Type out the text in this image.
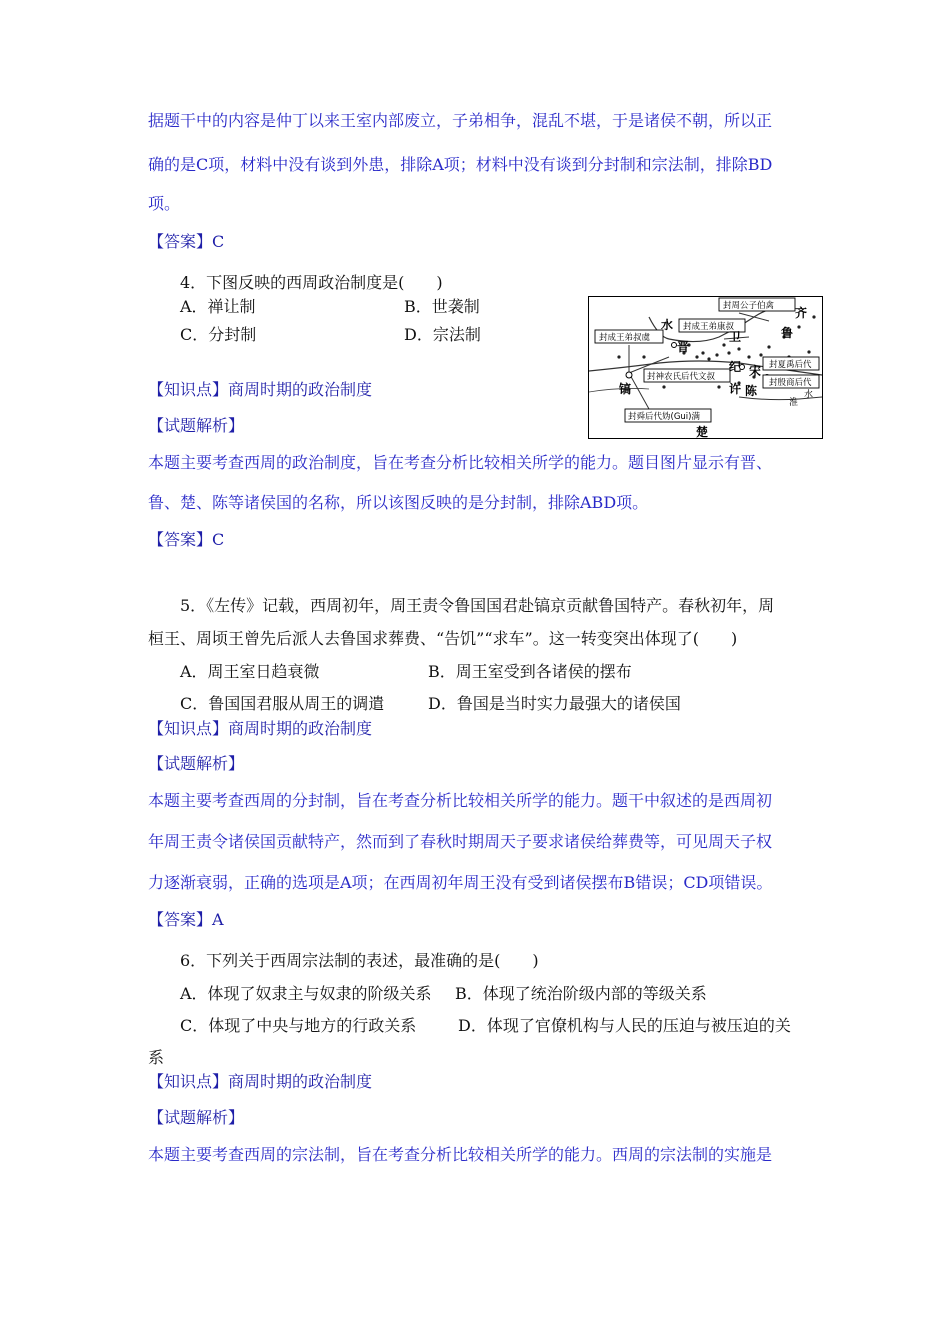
据题干中的内容是仲丁以来王室内部废立，子弟相争，混乱不堪，于是诸侯不朝，所以正
确的是C项，材料中没有谈到外患，排除A项；材料中没有谈到分封制和宗法制，排除BD
项。
【答案】C
4．下图反映的西周政治制度是(　　)
A．禅让制	B．世袭制
C．分封制	D．宗法制
【知识点】商周时期的政治制度
【试题解析】
本题主要考查西周的政治制度，旨在考查分析比较相关所学的能力。题目图片显示有晋、
鲁、楚、陈等诸侯国的名称，所以该图反映的是分封制，排除ABD项。
【答案】C
5．《左传》记载，西周初年，周王责令鲁国国君赴镐京贡献鲁国特产。春秋初年，周
桓王、周顷王曾先后派人去鲁国求葬费、“告饥”“求车”。这一转变突出体现了(　　)
A．周王室日趋衰微	B．周王室受到各诸侯的摆布
C．鲁国国君服从周王的调遣	D．鲁国是当时实力最强大的诸侯国
【知识点】商周时期的政治制度
【试题解析】
本题主要考查西周的分封制，旨在考查分析比较相关所学的能力。题干中叙述的是西周初
年周王责令诸侯国贡献特产，然而到了春秋时期周天子要求诸侯给葬费等，可见周天子权
力逐渐衰弱，正确的选项是A项；在西周初年周王没有受到诸侯摆布B错误；CD项错误。
【答案】A
6．下列关于西周宗法制的表述，最准确的是(　　)
A．体现了奴隶主与奴隶的阶级关系 B．体现了统治阶级内部的等级关系
C．体现了中央与地方的行政关系	D．体现了官僚机构与人民的压迫与被压迫的关
系
【知识点】商周时期的政治制度
【试题解析】
本题主要考查西周的宗法制，旨在考查分析比较相关所学的能力。西周的宗法制的实施是
封周公子伯禽
封成王弟康叔
封成王弟叔虞
封神农氏后代文叔
封夏禹后代
封殷商后代
封舜后代妫(Gui)满
水
齐
鲁
卫
晋
纪 宋
许 陈
镐
楚
淮
水
